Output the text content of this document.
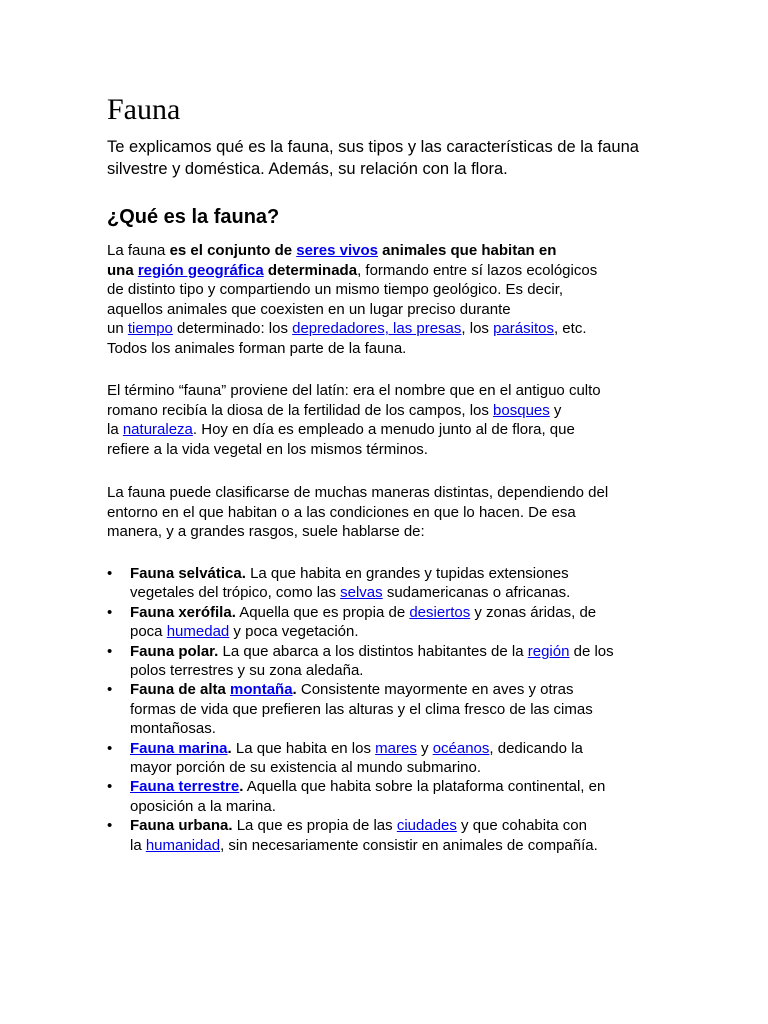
Fauna

Te explicamos qué es la fauna, sus tipos y las características de la fauna silvestre y doméstica. Además, su relación con la flora.

¿Qué es la fauna?

La fauna es el conjunto de seres vivos animales que habitan en
una región geográfica determinada, formando entre sí lazos ecológicos
de distinto tipo y compartiendo un mismo tiempo geológico. Es decir,
aquellos animales que coexisten en un lugar preciso durante
un tiempo determinado: los depredadores, las presas, los parásitos, etc.
Todos los animales forman parte de la fauna.

El término “fauna” proviene del latín: era el nombre que en el antiguo culto
romano recibía la diosa de la fertilidad de los campos, los bosques y
la naturaleza. Hoy en día es empleado a menudo junto al de flora, que
refiere a la vida vegetal en los mismos términos.

La fauna puede clasificarse de muchas maneras distintas, dependiendo del
entorno en el que habitan o a las condiciones en que lo hacen. De esa
manera, y a grandes rasgos, suele hablarse de:

• Fauna selvática. La que habita en grandes y tupidas extensiones
vegetales del trópico, como las selvas sudamericanas o africanas.
• Fauna xerófila. Aquella que es propia de desiertos y zonas áridas, de
poca humedad y poca vegetación.
• Fauna polar. La que abarca a los distintos habitantes de la región de los
polos terrestres y su zona aledaña.
• Fauna de alta montaña. Consistente mayormente en aves y otras
formas de vida que prefieren las alturas y el clima fresco de las cimas
montañosas.
• Fauna marina. La que habita en los mares y océanos, dedicando la
mayor porción de su existencia al mundo submarino.
• Fauna terrestre. Aquella que habita sobre la plataforma continental, en
oposición a la marina.
• Fauna urbana. La que es propia de las ciudades y que cohabita con
la humanidad, sin necesariamente consistir en animales de compañía.
